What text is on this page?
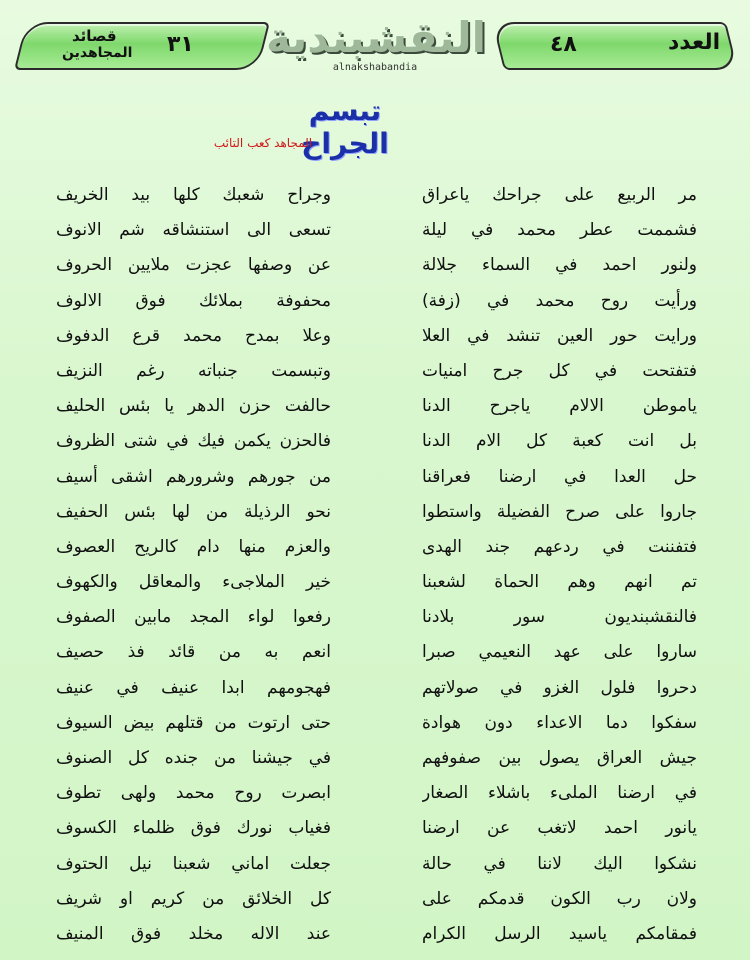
قصائد
المجاهدين ٣١ النقشبندية
alnakshabandia
٤٨	العدد
تبسم الجراح
المجاهد كعب التائب
مر الربيع على جراحك ياعراق
فشممت عطر محمد في ليلة
ولنور احمد في السماء جلالة
ورأيت روح محمد في (زفة)
ورايت حور العين تنشد في العلا
فتفتحت في كل جرح امنيات
ياموطن الالام ياجرح الدنا
بل انت كعبة كل الام الدنا
حل العدا في ارضنا فعراقنا
جاروا على صرح الفضيلة واستطوا
فتفننت في ردعهم جند الهدى
تم انهم وهم الحماة لشعبنا
فالنقشبنديون سور بلادنا
ساروا على عهد النعيمي صبرا
دحروا فلول الغزو في صولاتهم
سفكوا دما الاعداء دون هوادة
جيش العراق يصول بين صفوفهم
في ارضنا الملىء باشلاء الصغار
يانور احمد لاتغب عن ارضنا
نشكوا اليك لاننا في حالة
ولان رب الكون قدمكم على
فمقامكم ياسيد الرسل الكرام
وجراح شعبك كلها بيد الخريف
تسعى الى استنشاقه شم الانوف
عن وصفها عجزت ملايين الحروف
محفوفة بملائك فوق الالوف
وعلا بمدح محمد قرع الدفوف
وتبسمت جنباته رغم النزيف
حالفت حزن الدهر يا بئس الحليف
فالحزن يكمن فيك في شتى الظروف
من جورهم وشرورهم اشقى أسيف
نحو الرذيلة من لها بئس الحفيف
والعزم منها دام كالريح العصوف
خير الملاجىء والمعاقل والكهوف
رفعوا لواء المجد مابين الصفوف
انعم به من قائد فذ حصيف
فهجومهم ابدا عنيف في عنيف
حتى ارتوت من قتلهم بيض السيوف
في جيشنا من جنده كل الصنوف
ابصرت روح محمد ولهى تطوف
فغياب نورك فوق ظلماء الكسوف
جعلت اماني شعبنا نيل الحتوف
كل الخلائق من كريم او شريف
عند الاله مخلد فوق المنيف
